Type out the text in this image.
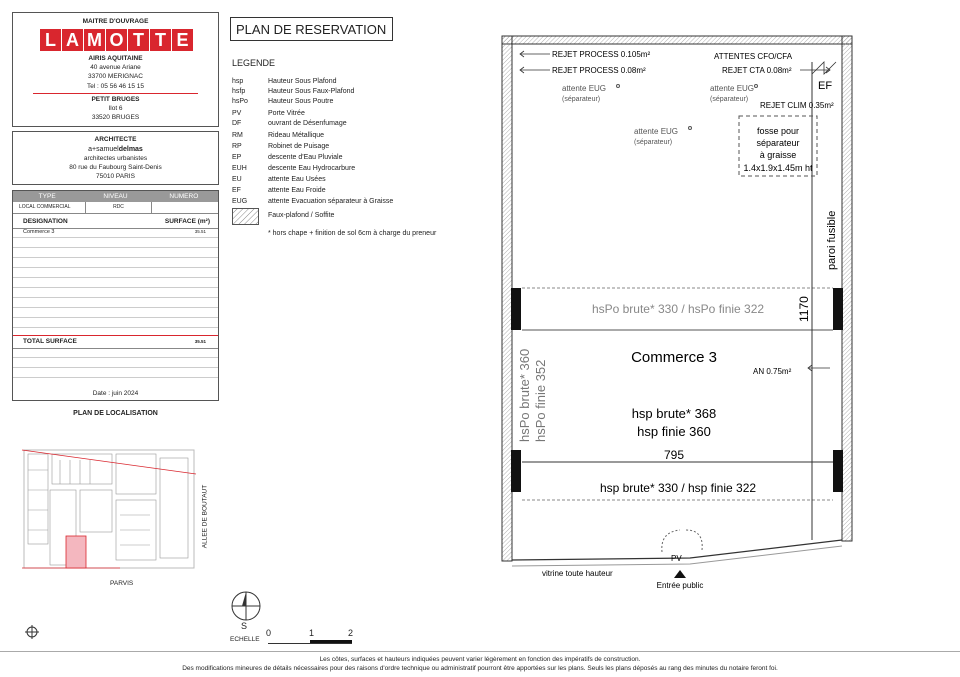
MAITRE D'OUVRAGE
L A M O T T E
AIRIS AQUITAINE
40 avenue Ariane
33700 MERIGNAC
Tel : 05 56 46 15 15
PETIT BRUGES
Ilot 6
33520 BRUGES
ARCHITECTE
a+samueldelmas
architectes urbanistes
80 rue du Faubourg Saint-Denis
75010 PARIS
TYPE	NIVEAU	NUMERO
LOCAL COMMERCIAL	RDC
DESIGNATION	SURFACE (m²)
Commerce 3	35.51
TOTAL SURFACE	35.51
Date : juin 2024
PLAN DE LOCALISATION
ALLEE DE BOUTAUT
PARVIS
PLAN DE RESERVATION
LEGENDE
hsp	Hauteur Sous Plafond
hsfp	Hauteur Sous Faux-Plafond
hsPo	Hauteur Sous Poutre
PV	Porte Vitrée
DF	ouvrant de Désenfumage
RM	Rideau Métallique
RP	Robinet de Puisage
EP	descente d'Eau Pluviale
EUH	descente Eau Hydrocarbure
EU	attente Eau Usées
EF	attente Eau Froide
EUG	attente Evacuation séparateur à Graisse
Faux-plafond / Soffite
* hors chape + finition de sol 6cm à charge du preneur
REJET PROCESS 0.105m²
REJET PROCESS 0.08m²
ATTENTES CFO/CFA
REJET CTA 0.08m²
EF
attente EUG
(séparateur)
attente EUG
(séparateur)
attente EUG
(séparateur)
REJET CLIM 0.35m²
fosse pour
séparateur
à graisse
1.4x1.9x1.45m ht
paroi fusible
hsPo brute* 330 / hsPo finie 322	1170
Commerce 3
AN 0.75m²
hsp brute* 368
hsp finie 360
hsPo brute* 360 hsPo finie 352
795
hsp brute* 330 / hsp finie 322
PV
vitrine toute hauteur
Entrée public
S
ECHELLE
0	1	2
Les côtes, surfaces et hauteurs indiquées peuvent varier légèrement en fonction des impératifs de construction.
Des modifications mineures de détails nécessaires pour des raisons d'ordre technique ou administratif pourront être apportées sur les plans. Seuls les plans déposés au rang des minutes du notaire feront foi.
